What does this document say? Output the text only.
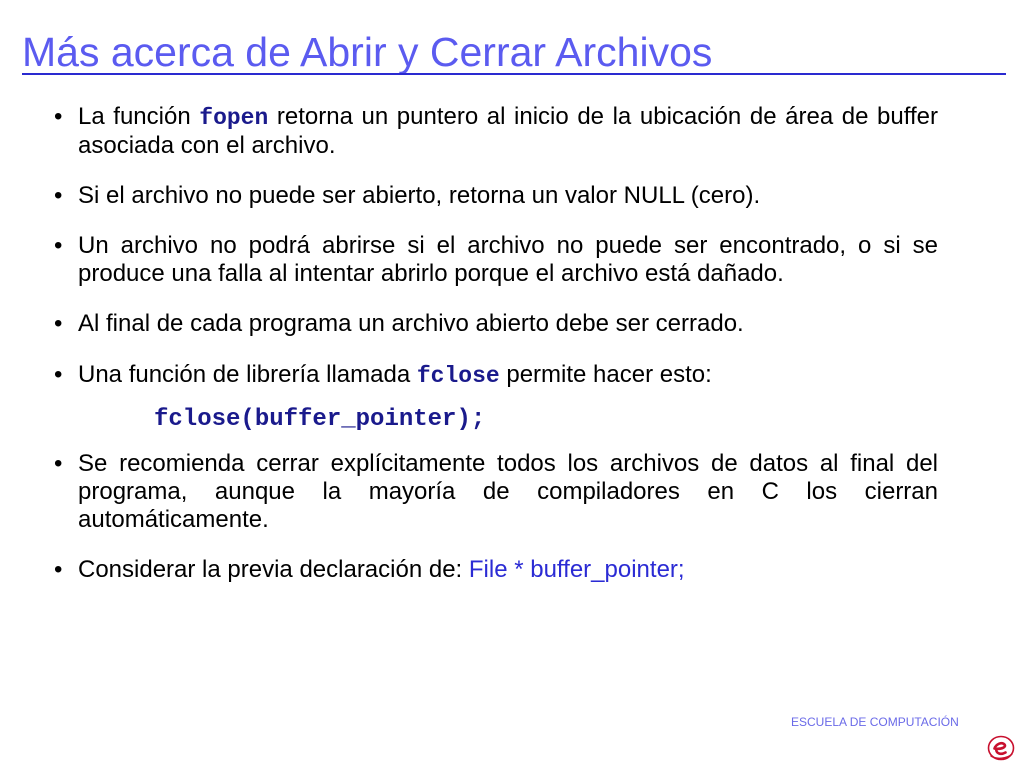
Más acerca de Abrir y Cerrar Archivos
• La función fopen retorna un puntero al inicio de la ubicación de área de buffer asociada con el archivo.
• Si el archivo no puede ser abierto, retorna un valor NULL (cero).
• Un archivo no podrá abrirse si el archivo no puede ser encontrado, o si se produce una falla al intentar abrirlo porque el archivo está dañado.
• Al final de cada programa un archivo abierto debe ser cerrado.
• Una función de librería llamada fclose permite hacer esto:
fclose(buffer_pointer);
• Se recomienda cerrar explícitamente todos los archivos de datos al final del programa, aunque la mayoría de compiladores en C los cierran automáticamente.
• Considerar la previa declaración de: File * buffer_pointer;
ESCUELA DE COMPUTACIÓN
